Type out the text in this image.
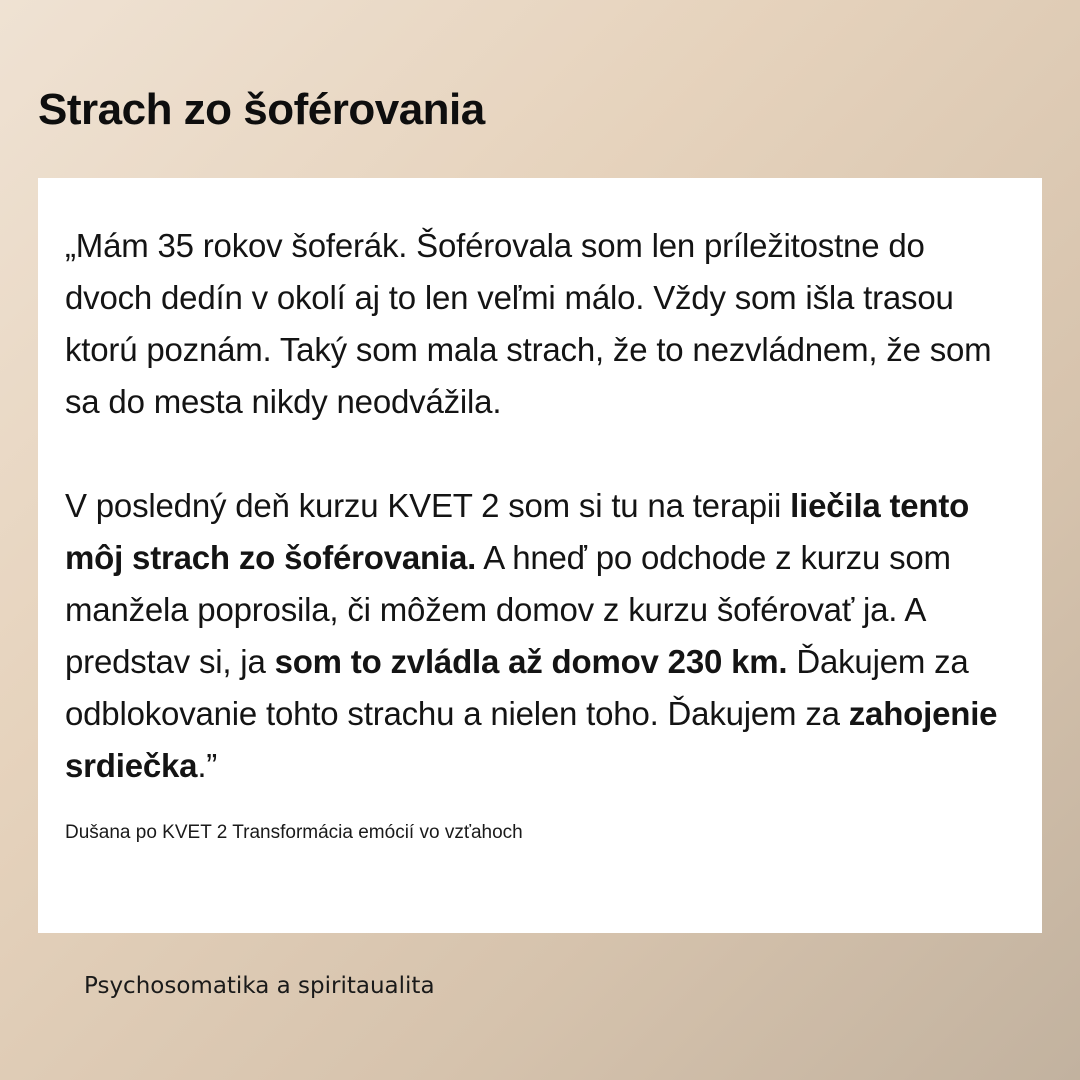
Strach zo šoférovania

„Mám 35 rokov šoferák. Šoférovala som len príležitostne do dvoch dedín v okolí aj to len veľmi málo. Vždy som išla trasou ktorú poznám. Taký som mala strach, že to nezvládnem, že som sa do mesta nikdy neodvážila.

V posledný deň kurzu KVET 2 som si tu na terapii liečila tento môj strach zo šoférovania. A hneď po odchode z kurzu som manžela poprosila, či môžem domov z kurzu šoférovať ja. A predstav si, ja som to zvládla až domov 230 km. Ďakujem za odblokovanie tohto strachu a nielen toho. Ďakujem za zahojenie srdiečka.”

Dušana po KVET 2 Transformácia emócií vo vzťahoch
Psychosomatika a spiritaualita
